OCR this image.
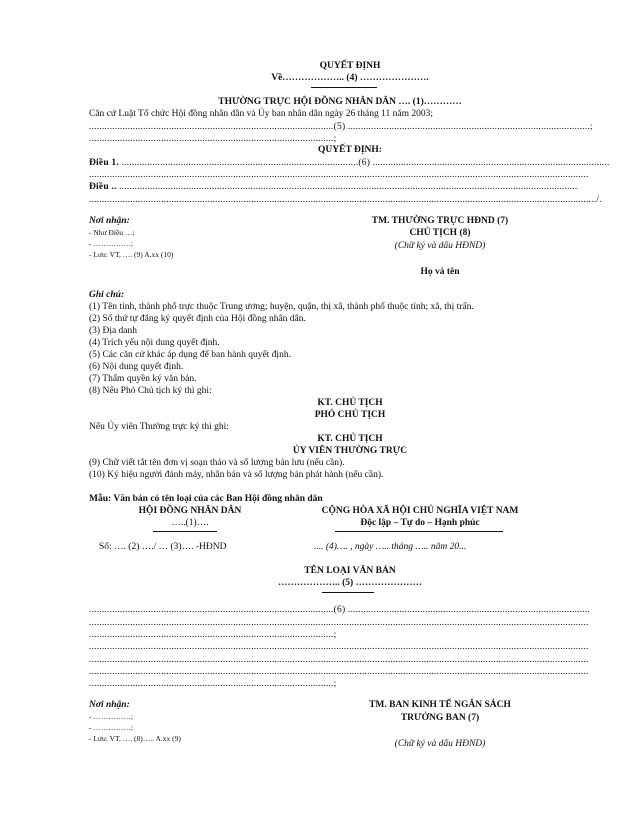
QUYẾT ĐỊNH
Về……………….. (4) ………………….
THƯỜNG TRỰC HỘI ĐỒNG NHÂN DÂN …. (1)…………
Căn cứ Luật Tổ chức Hội đồng nhân dân và Ủy ban nhân dân ngày 26 tháng 11 năm 2003;
...............................................................................................(5) ..............................................................................................;
...............................................................................................;
QUYẾT ĐỊNH:
Điều 1. ............................................................................................(6) ............................................................................................
..................................................................................................................................................................................................
Điều .. ..................................................................................................................................................................................
...................................................................................................................................................................................................../.
Nơi nhận:
- Như Điều …;
- ……………;
- Lưu: VT, …. (9) A.xx (10)
TM. THƯỜNG TRỰC HĐND (7)
CHỦ TỊCH (8)
(Chữ ký và dấu HĐND)
Họ và tên
Ghi chú:
(1) Tên tỉnh, thành phố trực thuộc Trung ương; huyện, quận, thị xã, thành phố thuộc tỉnh; xã, thị trấn.
(2) Số thứ tự đăng ký quyết định của Hội đồng nhân dân.
(3) Địa danh
(4) Trích yếu nội dung quyết định.
(5) Các căn cứ khác áp dụng để ban hành quyết định.
(6) Nội dung quyết định.
(7) Thẩm quyền ký văn bản.
(8) Nếu Phó Chủ tịch ký thì ghi:
KT. CHỦ TỊCH
PHÓ CHỦ TỊCH
Nếu Ủy viên Thường trực ký thì ghi:
KT. CHỦ TỊCH
ỦY VIÊN THƯỜNG TRỰC
(9) Chữ viết tắt tên đơn vị soạn thảo và số lượng bản lưu (nếu cần).
(10) Ký hiệu người đánh máy, nhân bản và số lượng bản phát hành (nếu cần).
Mẫu: Văn bản có tên loại của các Ban Hội đồng nhân dân
HỘI ĐỒNG NHÂN DÂN
…..(1)….
CỘNG HÒA XÃ HỘI CHỦ NGHĨA VIỆT NAM
Độc lập – Tự do – Hạnh phúc
Số: …. (2) …./ … (3)…. -HĐND	.... (4)…. , ngày ….. tháng ….. năm 20...
TÊN LOẠI VĂN BẢN
……………….. (5) …………………
...............................................................................................(6) ..............................................................................................
..................................................................................................................................................................................................
...............................................................................................;
..................................................................................................................................................................................................
..................................................................................................................................................................................................
..................................................................................................................................................................................................
...............................................................................................;
Nơi nhận:
- ……………;
- ……………;
- Lưu: VT, …. (8)….. A.xx (9)
TM. BAN KINH TẾ NGÂN SÁCH
TRƯỞNG BAN (7)
(Chữ ký và dấu HĐND)
